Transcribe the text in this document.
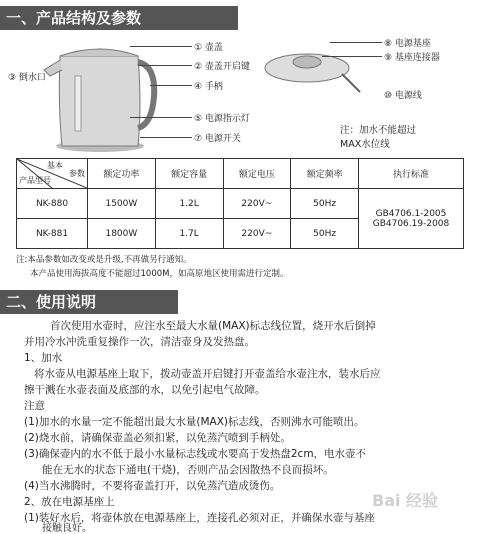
一、产品结构及参数
① 壶盖
② 壶盖开启键
③ 倒水口
④ 手柄
⑤ 电源指示灯
⑦ 电源开关
⑧ 电源基座
⑨ 基座连接器
⑩ 电源线
注：加水不能超过
MAX水位线
基本
参数
产品型号	额定功率	额定容量	额定电压	额定频率	执行标准
NK-880	1500W	1.2L	220V~	50Hz	GB4706.1-2005
GB4706.19-2008

NK-881	1800W	1.7L	220V~	50Hz	
注:本品参数如改变或是升级,不再做另行通知。
本产品使用海拔高度不能超过1000M，如高原地区使用需进行定制。
二、使用说明
首次使用水壶时，应注水至最大水量(MAX)标志线位置，烧开水后倒掉
并用冷水冲洗重复操作一次，清洁壶身及发热盘。
1、加水
将水壶从电源基座上取下，拨动壶盖开启键打开壶盖给水壶注水，装水后应
擦干溅在水壶表面及底部的水，以免引起电气故障。
注意
(1)加水的水量一定不能超出最大水量(MAX)标志线，否则沸水可能喷出。
(2)烧水前，请确保壶盖必须扣紧，以免蒸汽喷到手柄处。
(3)确保壶内的水不低于最小水量标志线或水要高于发热盘2cm，电水壶不
能在无水的状态下通电(干烧)，否则产品会因散热不良而损坏。
(4)当水沸腾时，不要将壶盖打开，以免蒸汽造成烫伤。
2、放在电源基座上
(1)装好水后，将壶体放在电源基座上，连接孔必须对正，并确保水壶与基座
接触良好。
Bai 经验
